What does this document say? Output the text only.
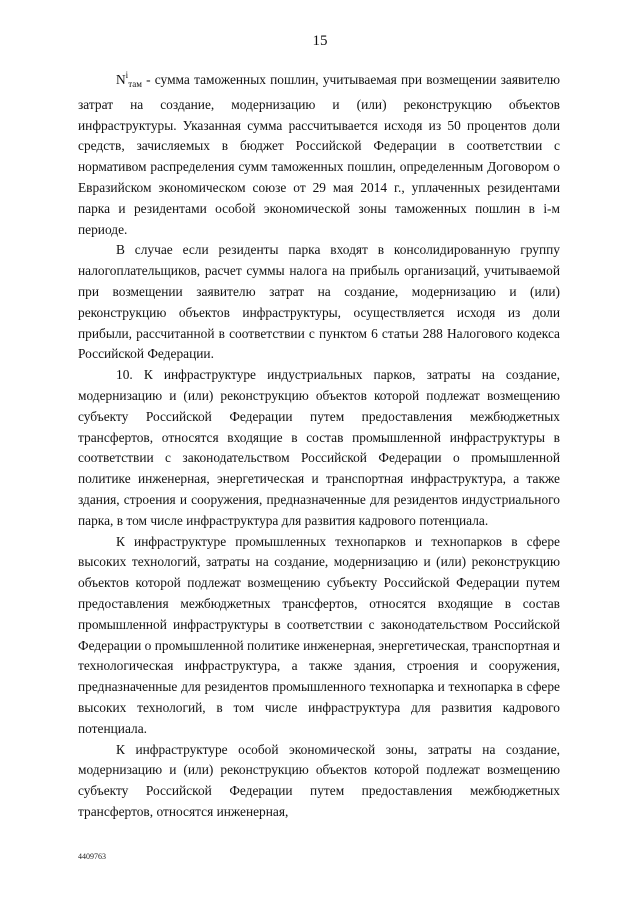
15

$N^i_{там}$ - сумма таможенных пошлин, учитываемая при возмещении заявителю затрат на создание, модернизацию и (или) реконструкцию объектов инфраструктуры. Указанная сумма рассчитывается исходя из 50 процентов доли средств, зачисляемых в бюджет Российской Федерации в соответствии с нормативом распределения сумм таможенных пошлин, определенным Договором о Евразийском экономическом союзе от 29 мая 2014 г., уплаченных резидентами парка и резидентами особой экономической зоны таможенных пошлин в i-м периоде.

В случае если резиденты парка входят в консолидированную группу налогоплательщиков, расчет суммы налога на прибыль организаций, учитываемой при возмещении заявителю затрат на создание, модернизацию и (или) реконструкцию объектов инфраструктуры, осуществляется исходя из доли прибыли, рассчитанной в соответствии с пунктом 6 статьи 288 Налогового кодекса Российской Федерации.

10. К инфраструктуре индустриальных парков, затраты на создание, модернизацию и (или) реконструкцию объектов которой подлежат возмещению субъекту Российской Федерации путем предоставления межбюджетных трансфертов, относятся входящие в состав промышленной инфраструктуры в соответствии с законодательством Российской Федерации о промышленной политике инженерная, энергетическая и транспортная инфраструктура, а также здания, строения и сооружения, предназначенные для резидентов индустриального парка, в том числе инфраструктура для развития кадрового потенциала.

К инфраструктуре промышленных технопарков и технопарков в сфере высоких технологий, затраты на создание, модернизацию и (или) реконструкцию объектов которой подлежат возмещению субъекту Российской Федерации путем предоставления межбюджетных трансфертов, относятся входящие в состав промышленной инфраструктуры в соответствии с законодательством Российской Федерации о промышленной политике инженерная, энергетическая, транспортная и технологическая инфраструктура, а также здания, строения и сооружения, предназначенные для резидентов промышленного технопарка и технопарка в сфере высоких технологий, в том числе инфраструктура для развития кадрового потенциала.

К инфраструктуре особой экономической зоны, затраты на создание, модернизацию и (или) реконструкцию объектов которой подлежат возмещению субъекту Российской Федерации путем предоставления межбюджетных трансфертов, относятся инженерная,

4409763
